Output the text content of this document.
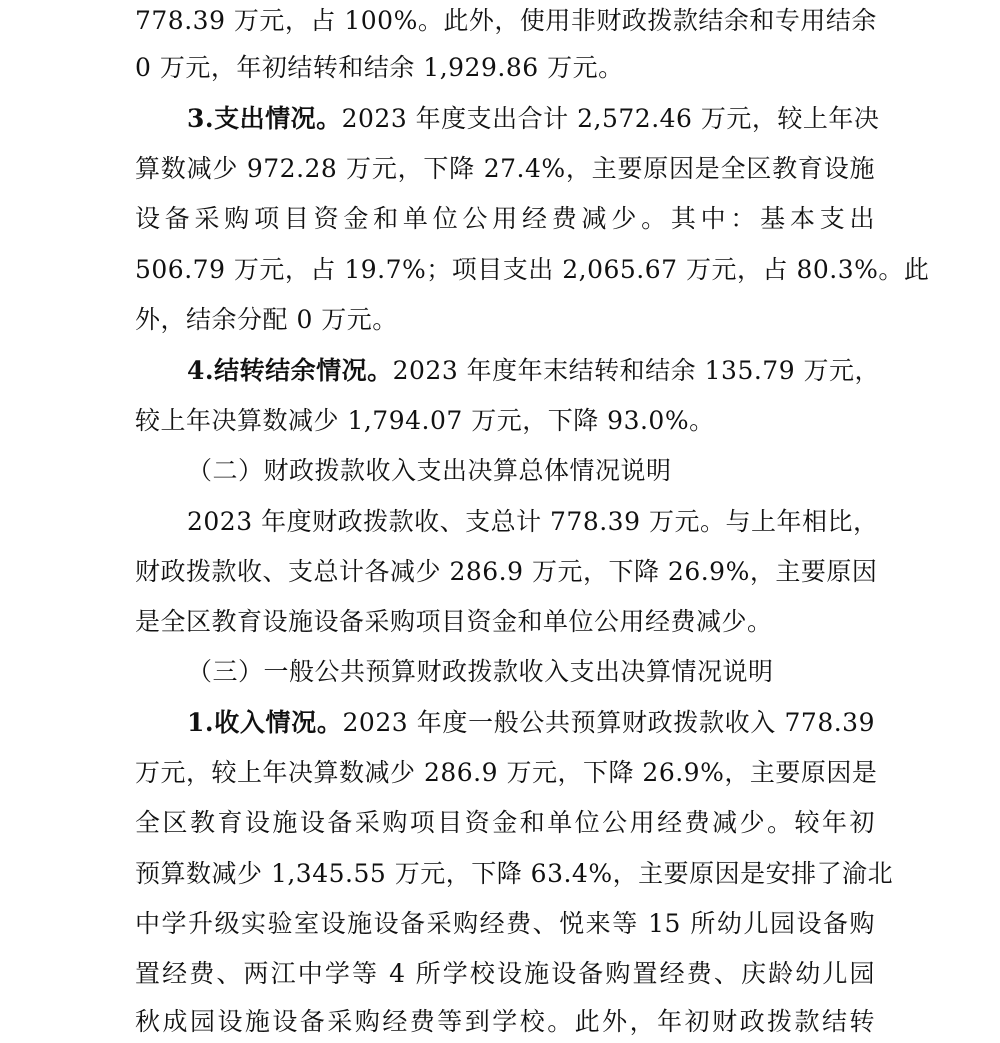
778.39 万元，占 100%。此外，使用非财政拨款结余和专用结余
0 万元，年初结转和结余 1,929.86 万元。
3.支出情况。2023 年度支出合计 2,572.46 万元，较上年决
算数减少 972.28 万元，下降 27.4%，主要原因是全区教育设施
设备采购项目资金和单位公用经费减少。其中：基本支出
506.79 万元，占 19.7%；项目支出 2,065.67 万元，占 80.3%。此
外，结余分配 0 万元。
4.结转结余情况。2023 年度年末结转和结余 135.79 万元，
较上年决算数减少 1,794.07 万元，下降 93.0%。
（二）财政拨款收入支出决算总体情况说明
2023 年度财政拨款收、支总计 778.39 万元。与上年相比，
财政拨款收、支总计各减少 286.9 万元，下降 26.9%，主要原因
是全区教育设施设备采购项目资金和单位公用经费减少。
（三）一般公共预算财政拨款收入支出决算情况说明
1.收入情况。2023 年度一般公共预算财政拨款收入 778.39
万元，较上年决算数减少 286.9 万元，下降 26.9%，主要原因是
全区教育设施设备采购项目资金和单位公用经费减少。较年初
预算数减少 1,345.55 万元，下降 63.4%，主要原因是安排了渝北
中学升级实验室设施设备采购经费、悦来等 15 所幼儿园设备购
置经费、两江中学等 4 所学校设施设备购置经费、庆龄幼儿园
秋成园设施设备采购经费等到学校。此外，年初财政拨款结转
